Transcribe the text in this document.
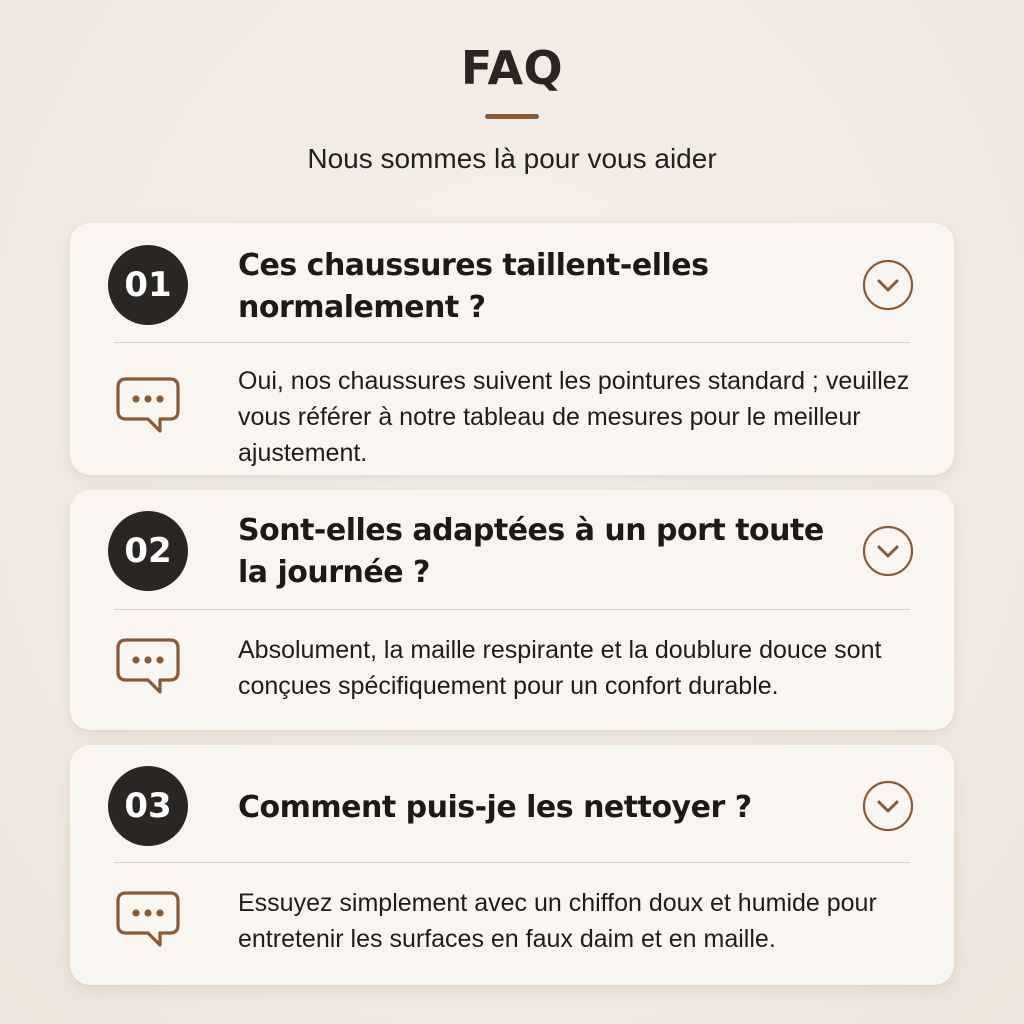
FAQ
Nous sommes là pour vous aider
01	Ces chaussures taillent-elles normalement ?
Oui, nos chaussures suivent les pointures standard ; veuillez vous référer à notre tableau de mesures pour le meilleur ajustement.
02
Sont-elles adaptées à un port toute la journée ?
Absolument, la maille respirante et la doublure douce sont conçues spécifiquement pour un confort durable.
03	Comment puis-je les nettoyer ?
Essuyez simplement avec un chiffon doux et humide pour entretenir les surfaces en faux daim et en maille.
